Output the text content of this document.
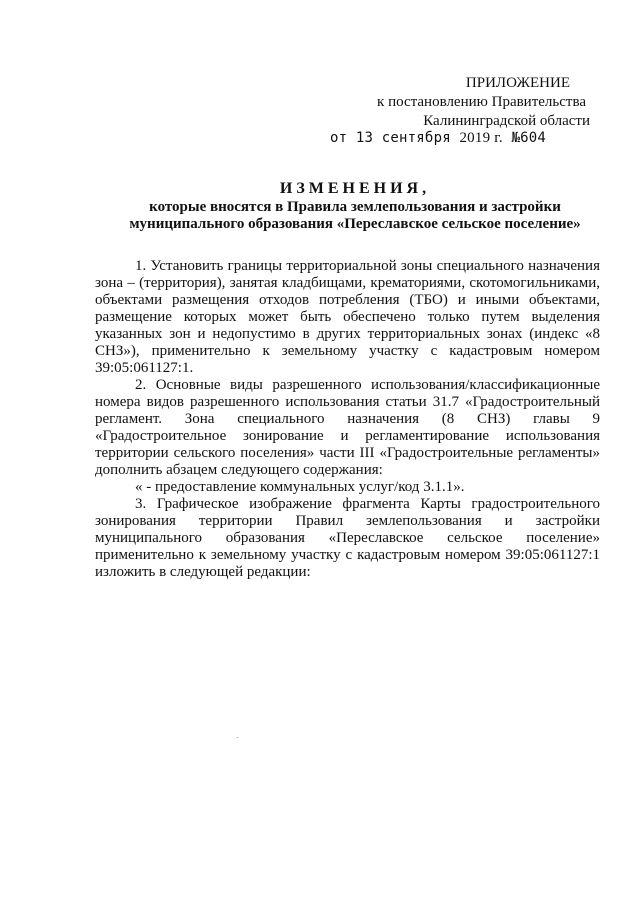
ПРИЛОЖЕНИЕ
к постановлению Правительства
Калининградской области
от 13 сентября 2019 г. №604
ИЗМЕНЕНИЯ,
которые вносятся в Правила землепользования и застройки
муниципального образования «Переславское сельское поселение»

1. Установить границы территориальной зоны специального назначения зона – (территория), занятая кладбищами, крематориями, скотомогильниками, объектами размещения отходов потребления (ТБО) и иными объектами, размещение которых может быть обеспечено только путем выделения указанных зон и недопустимо в других территориальных зонах (индекс «8 СНЗ»), применительно к земельному участку с кадастровым номером 39:05:061127:1.

2. Основные виды разрешенного использования/классификационные номера видов разрешенного использования статьи 31.7 «Градостроительный регламент. Зона специального назначения (8 СНЗ) главы 9 «Градостроительное зонирование и регламентирование использования территории сельского поселения» части III «Градостроительные регламенты» дополнить абзацем следующего содержания:

« - предоставление коммунальных услуг/код 3.1.1».

3. Графическое изображение фрагмента Карты градостроительного зонирования территории Правил землепользования и застройки муниципального образования «Переславское сельское поселение» применительно к земельному участку с кадастровым номером 39:05:061127:1 изложить в следующей редакции:
